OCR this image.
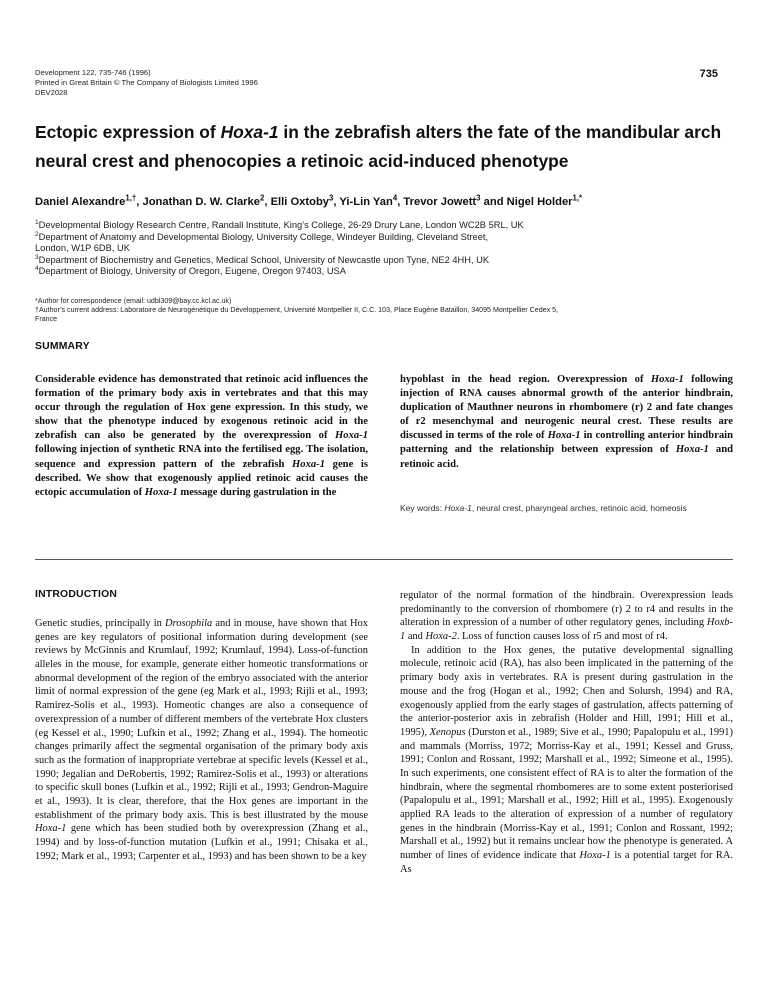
Development 122, 735-746 (1996)
Printed in Great Britain © The Company of Biologists Limited 1996
DEV2028
735
Ectopic expression of Hoxa-1 in the zebrafish alters the fate of the mandibular arch neural crest and phenocopies a retinoic acid-induced phenotype
Daniel Alexandre$^{1,\dagger}$, Jonathan D. W. Clarke$^2$, Elli Oxtoby$^3$, Yi-Lin Yan$^4$, Trevor Jowett$^3$ and Nigel Holder$^{1,*}$
$^1$Developmental Biology Research Centre, Randall Institute, King’s College, 26-29 Drury Lane, London WC2B 5RL, UK
$^2$Department of Anatomy and Developmental Biology, University College, Windeyer Building, Cleveland Street,
London, W1P 6DB, UK
$^3$Department of Biochemistry and Genetics, Medical School, University of Newcastle upon Tyne, NE2 4HH, UK
$^4$Department of Biology, University of Oregon, Eugene, Oregon 97403, USA
*Author for correspondence (email: udbl309@bay.cc.kcl.ac.uk)
†Author’s current address: Laboratoire de Neurogénétique du Développement, Université Montpellier II, C.C. 103, Place Eugène Bataillon, 34095 Montpellier Cedex 5,
France
SUMMARY
Considerable evidence has demonstrated that retinoic acid influences the formation of the primary body axis in vertebrates and that this may occur through the regulation of Hox gene expression. In this study, we show that the phenotype induced by exogenous retinoic acid in the zebrafish can also be generated by the overexpression of Hoxa-1 following injection of synthetic RNA into the fertilised egg. The isolation, sequence and expression pattern of the zebrafish Hoxa-1 gene is described. We show that exogenously applied retinoic acid causes the ectopic accumulation of Hoxa-1 message during gastrulation in the
hypoblast in the head region. Overexpression of Hoxa-1 following injection of RNA causes abnormal growth of the anterior hindbrain, duplication of Mauthner neurons in rhombomere (r) 2 and fate changes of r2 mesenchymal and neurogenic neural crest. These results are discussed in terms of the role of Hoxa-1 in controlling anterior hindbrain patterning and the relationship between expression of Hoxa-1 and retinoic acid.
Key words: Hoxa-1, neural crest, pharyngeal arches, retinoic acid, homeosis
INTRODUCTION

Genetic studies, principally in Drosophila and in mouse, have shown that Hox genes are key regulators of positional information during development (see reviews by McGinnis and Krumlauf, 1992; Krumlauf, 1994). Loss-of-function alleles in the mouse, for example, generate either homeotic transformations or abnormal development of the region of the embryo associated with the anterior limit of normal expression of the gene (eg Mark et al., 1993; Rijli et al., 1993; Ramirez-Solis et al., 1993). Homeotic changes are also a consequence of overexpression of a number of different members of the vertebrate Hox clusters (eg Kessel et al., 1990; Lufkin et al., 1992; Zhang et al., 1994). The homeotic changes primarily affect the segmental organisation of the primary body axis such as the formation of inappropriate vertebrae at specific levels (Kessel et al., 1990; Jegalian and DeRobertis, 1992; Ramirez-Solis et al., 1993) or alterations to specific skull bones (Lufkin et al., 1992; Rijli et al., 1993; Gendron-Maguire et al., 1993). It is clear, therefore, that the Hox genes are important in the establishment of the primary body axis. This is best illustrated by the mouse Hoxa-1 gene which has been studied both by overexpression (Zhang et al., 1994) and by loss-of-function mutation (Lufkin et al., 1991; Chisaka et al., 1992; Mark et al., 1993; Carpenter et al., 1993) and has been shown to be a key

regulator of the normal formation of the hindbrain. Overexpression leads predominantly to the conversion of rhombomere (r) 2 to r4 and results in the alteration in expression of a number of other regulatory genes, including Hoxb-1 and Hoxa-2. Loss of function causes loss of r5 and most of r4.

In addition to the Hox genes, the putative developmental signalling molecule, retinoic acid (RA), has also been implicated in the patterning of the primary body axis in vertebrates. RA is present during gastrulation in the mouse and the frog (Hogan et al., 1992; Chen and Solursh, 1994) and RA, exogenously applied from the early stages of gastrulation, affects patterning of the anterior-posterior axis in zebrafish (Holder and Hill, 1991; Hill et al., 1995), Xenopus (Durston et al., 1989; Sive et al., 1990; Papalopulu et al., 1991) and mammals (Morriss, 1972; Morriss-Kay et al., 1991; Kessel and Gruss, 1991; Conlon and Rossant, 1992; Marshall et al., 1992; Simeone et al., 1995). In such experiments, one consistent effect of RA is to alter the formation of the hindbrain, where the segmental rhombomeres are to some extent posteriorised (Papalopulu et al., 1991; Marshall et al., 1992; Hill et al., 1995). Exogenously applied RA leads to the alteration of expression of a number of regulatory genes in the hindbrain (Morriss-Kay et al., 1991; Conlon and Rossant, 1992; Marshall et al., 1992) but it remains unclear how the phenotype is generated. A number of lines of evidence indicate that Hoxa-1 is a potential target for RA. As
